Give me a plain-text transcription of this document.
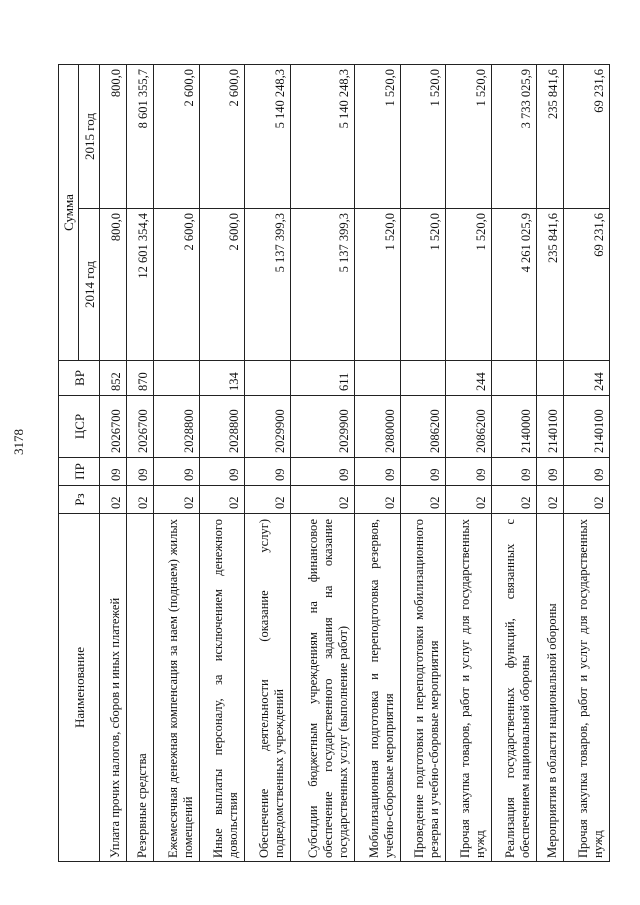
3178
Наименование	Рз	ПР	ЦСР	ВР	Сумма	
					2014 год	2015 год
Уплата прочих налогов, сборов и иных платежей	02	09	2026700	852	800,0	800,0
Резервные средства	02	09	2026700	870	12 601 354,4	8 601 355,7
Ежемесячная денежная компенсация за наем (поднаем) жилых помещений	02	09	2028800		2 600,0	2 600,0
Иные выплаты персоналу, за исключением денежного довольствия	02	09	2028800	134	2 600,0	2 600,0
Обеспечение деятельности (оказание услуг) подведомственных учреждений	02	09	2029900		5 137 399,3	5 140 248,3
Субсидии бюджетным учреждениям на финансовое обеспечение государственного задания на оказание государственных услуг (выполнение работ)	02	09	2029900	611	5 137 399,3	5 140 248,3
Мобилизационная подготовка и переподготовка резервов, учебно-сборовые мероприятия	02	09	2080000		1 520,0	1 520,0
Проведение подготовки и переподготовки мобилизационного резерва и учебно-сборовые мероприятия	02	09	2086200		1 520,0	1 520,0
Прочая закупка товаров, работ и услуг для государственных нужд	02	09	2086200	244	1 520,0	1 520,0
Реализация государственных функций, связанных с обеспечением национальной обороны	02	09	2140000		4 261 025,9	3 733 025,9
Мероприятия в области национальной обороны	02	09	2140100		235 841,6	235 841,6
Прочая закупка товаров, работ и услуг для государственных нужд	02	09	2140100	244	69 231,6	69 231,6
